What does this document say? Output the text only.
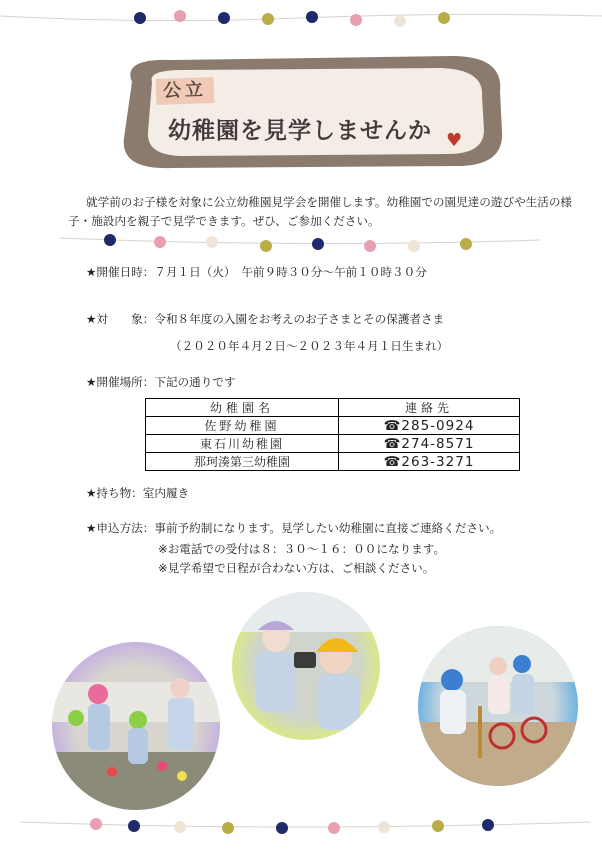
公立
幼稚園を見学しませんか ♥
就学前のお子様を対象に公立幼稚園見学会を開催します。幼稚園での園児達の遊びや生活の様子・施設内を親子で見学できます。ぜひ、ご参加ください。
★開催日時：７月１日（火）　午前９時３０分～午前１０時３０分
★対　　象：令和８年度の入園をお考えのお子さまとその保護者さま
（２０２０年４月２日～２０２３年４月１日生まれ）
★開催場所：下記の通りです
幼稚園名	連絡先
佐野幼稚園	☎285-0924
東石川幼稚園	☎274-8571
那珂湊第三幼稚園	☎263-3271
★持ち物：室内履き
★申込方法：事前予約制になります。見学したい幼稚園に直接ご連絡ください。
※お電話での受付は８：３０～１６：００になります。
※見学希望で日程が合わない方は、ご相談ください。
